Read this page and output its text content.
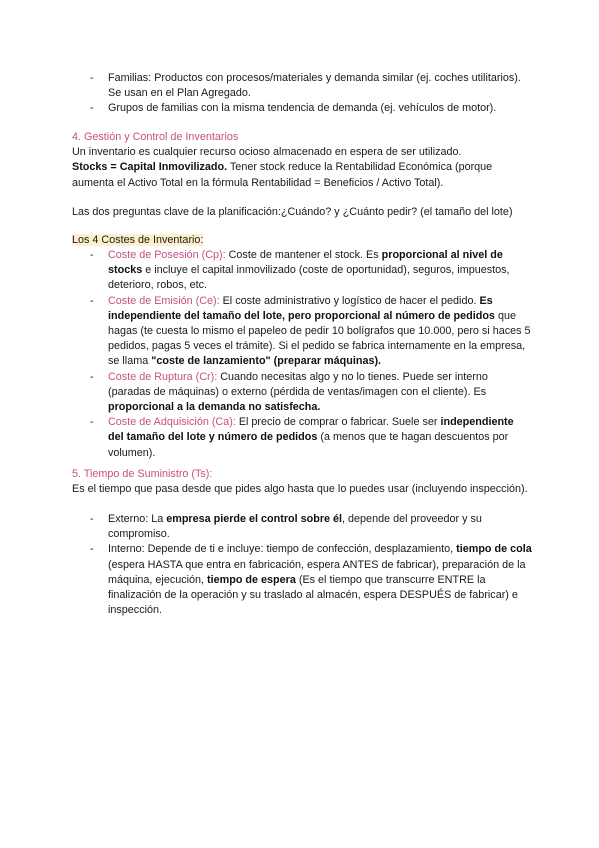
- Familias: Productos con procesos/materiales y demanda similar (ej. coches utilitarios). Se usan en el Plan Agregado.
- Grupos de familias con la misma tendencia de demanda (ej. vehículos de motor).

4. Gestión y Control de Inventarios

Un inventario es cualquier recurso ocioso almacenado en espera de ser utilizado.

Stocks = Capital Inmovilizado. Tener stock reduce la Rentabilidad Económica (porque aumenta el Activo Total en la fórmula Rentabilidad = Beneficios / Activo Total).

Las dos preguntas clave de la planificación:¿Cuándo? y ¿Cuánto pedir? (el tamaño del lote)

Los 4 Costes de Inventario:

- Coste de Posesión (Cp): Coste de mantener el stock. Es proporcional al nivel de stocks e incluye el capital inmovilizado (coste de oportunidad), seguros, impuestos, deterioro, robos, etc.
- Coste de Emisión (Ce): El coste administrativo y logístico de hacer el pedido. Es independiente del tamaño del lote, pero proporcional al número de pedidos que hagas (te cuesta lo mismo el papeleo de pedir 10 bolígrafos que 10.000, pero si haces 5 pedidos, pagas 5 veces el trámite). Si el pedido se fabrica internamente en la empresa, se llama "coste de lanzamiento" (preparar máquinas).
- Coste de Ruptura (Cr): Cuando necesitas algo y no lo tienes. Puede ser interno (paradas de máquinas) o externo (pérdida de ventas/imagen con el cliente). Es proporcional a la demanda no satisfecha.
- Coste de Adquisición (Ca): El precio de comprar o fabricar. Suele ser independiente del tamaño del lote y número de pedidos (a menos que te hagan descuentos por volumen).

5. Tiempo de Suministro (Ts):

Es el tiempo que pasa desde que pides algo hasta que lo puedes usar (incluyendo inspección).

- Externo: La empresa pierde el control sobre él, depende del proveedor y su compromiso.
- Interno: Depende de ti e incluye: tiempo de confección, desplazamiento, tiempo de cola (espera HASTA que entra en fabricación, espera ANTES de fabricar), preparación de la máquina, ejecución, tiempo de espera (Es el tiempo que transcurre ENTRE la finalización de la operación y su traslado al almacén, espera DESPUÉS de fabricar) e inspección.
